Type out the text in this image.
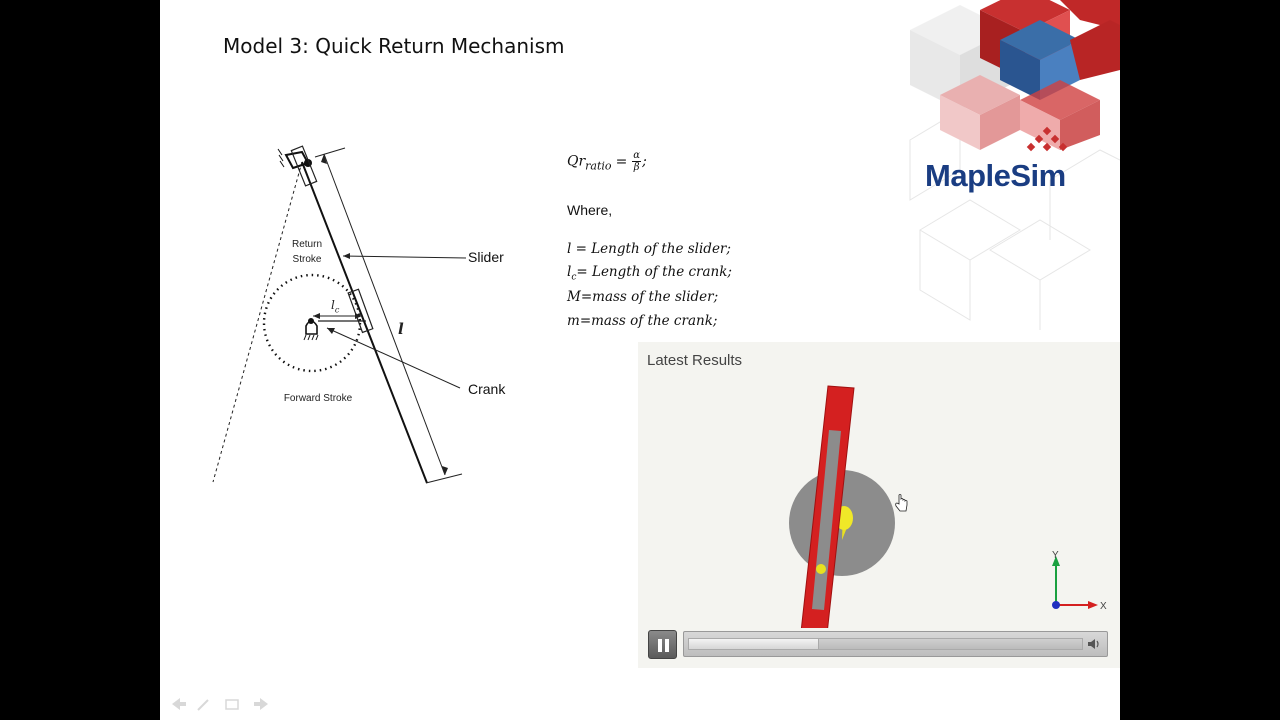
Model 3: Quick Return Mechanism
MapleSim
Return
Stroke
Forward Stroke
$l_c$
l
Slider
Crank
$Qr_{ratio} = \frac{\alpha}{\beta}$ ;
Where,
l = Length of the slider;
$l_c=$ Length of the crank;
M=mass of the slider;
m=mass of the crank;
Latest Results
Y
X
